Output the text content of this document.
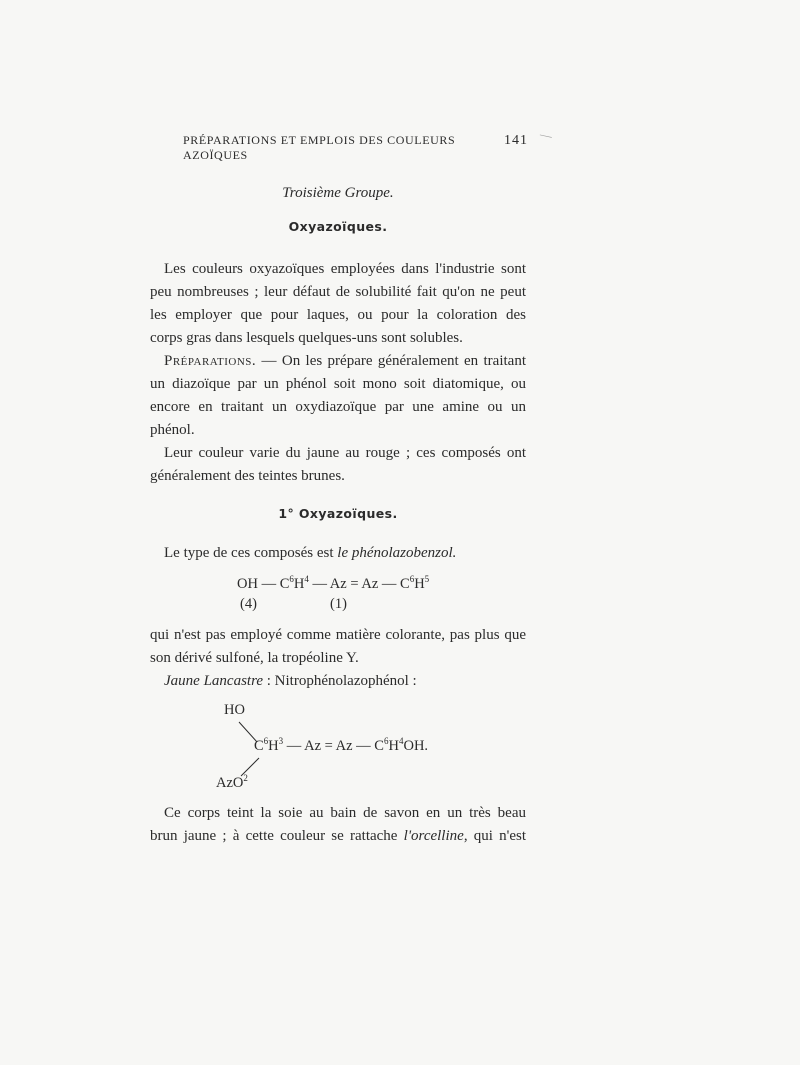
PRÉPARATIONS ET EMPLOIS DES COULEURS AZOÏQUES
141 —
Troisième Groupe.
Oxyazoïques.

Les couleurs oxyazoïques employées dans l'industrie sont

peu nombreuses ; leur défaut de solubilité fait qu'on ne peut

les employer que pour laques, ou pour la coloration des

corps gras dans lesquels quelques-uns sont solubles.

Préparations. — On les prépare généralement en traitant

un diazoïque par un phénol soit mono soit diatomique, ou

encore en traitant un oxydiazoïque par une amine ou un

phénol.

Leur couleur varie du jaune au rouge ; ces composés ont

généralement des teintes brunes.

1° Oxyazoïques.

Le type de ces composés est le phénolazobenzol.

OH — $C^6H^4$ — Az = Az — $C^6H^5$
(4)	(1)

qui n'est pas employé comme matière colorante, pas plus que

son dérivé sulfoné, la tropéoline Y.

Jaune Lancastre : Nitrophénolazophénol :

HO
$C^6H^3$ — Az = Az — $C^6H^4OH$.
AzO$^2$

Ce corps teint la soie au bain de savon en un très beau

brun jaune ; à cette couleur se rattache l'orcelline, qui n'est
